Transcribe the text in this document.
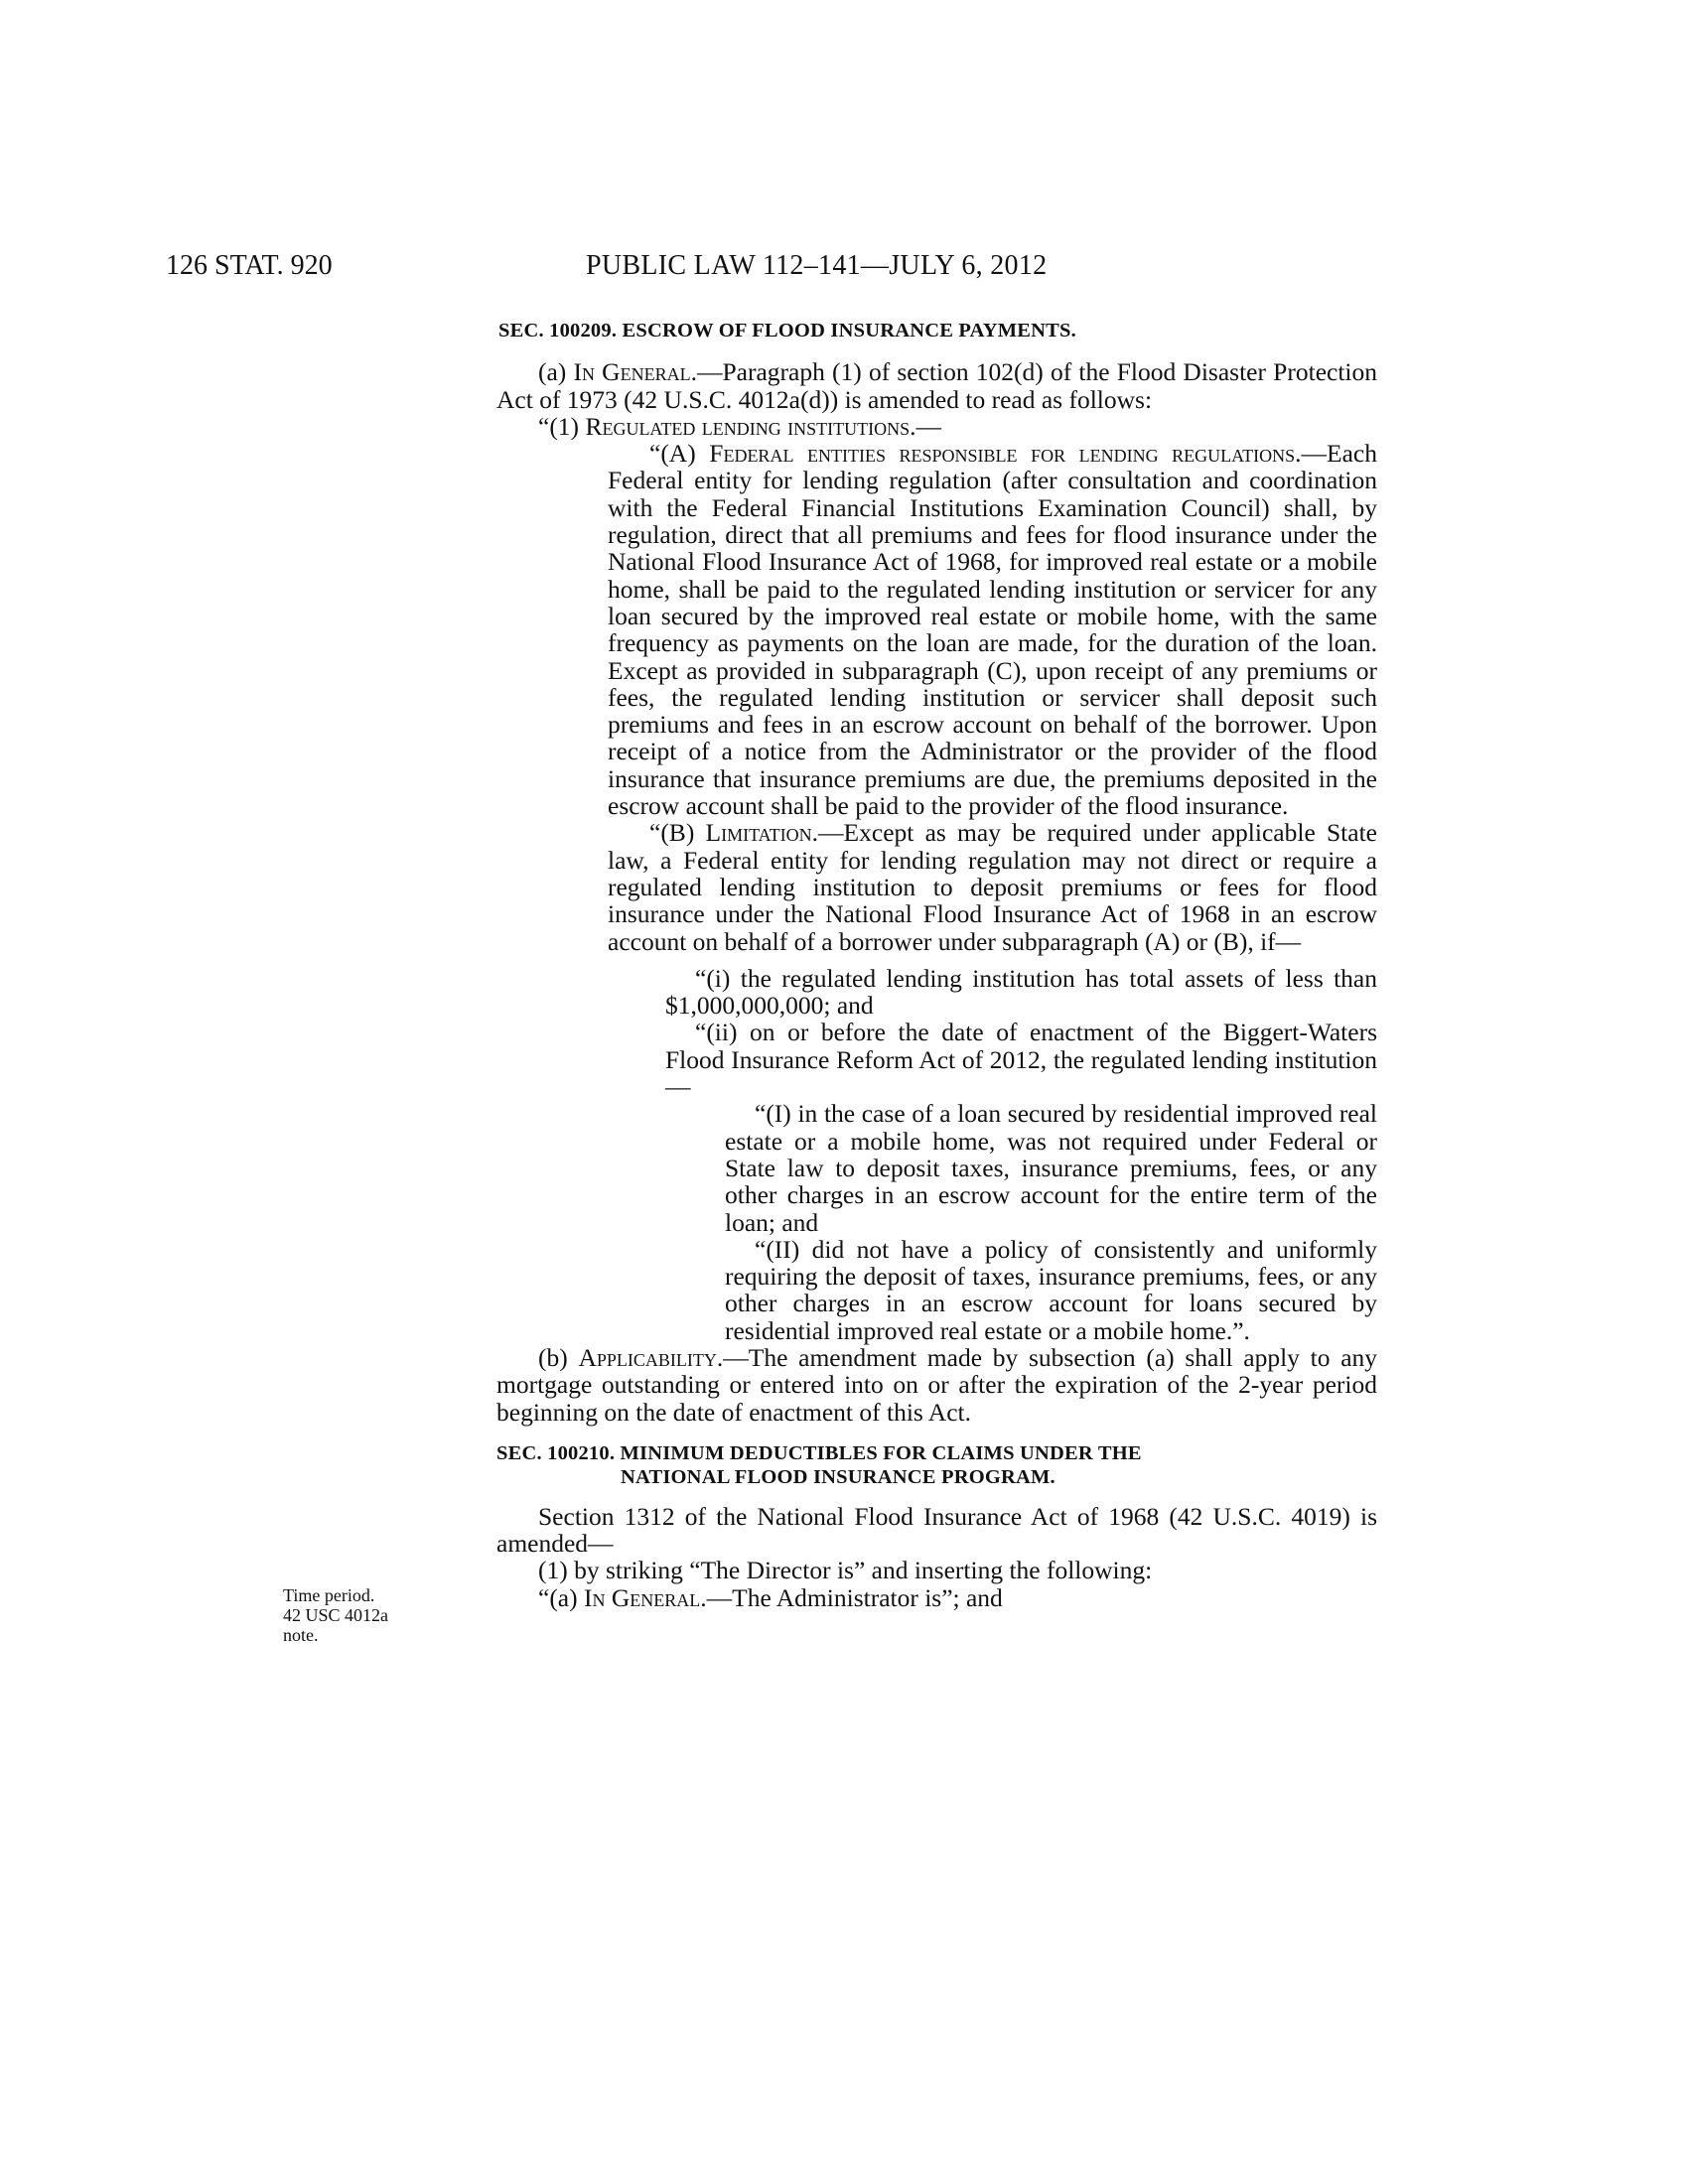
126 STAT. 920	PUBLIC LAW 112–141—JULY 6, 2012
Time period.
42 USC 4012a
note.
SEC. 100209. ESCROW OF FLOOD INSURANCE PAYMENTS.

(a) In General.—Paragraph (1) of section 102(d) of the Flood Disaster Protection Act of 1973 (42 U.S.C. 4012a(d)) is amended to read as follows:

“(1) Regulated lending institutions.—

“(A) Federal entities responsible for lending regulations.—Each Federal entity for lending regulation (after consultation and coordination with the Federal Financial Institutions Examination Council) shall, by regulation, direct that all premiums and fees for flood insurance under the National Flood Insurance Act of 1968, for improved real estate or a mobile home, shall be paid to the regulated lending institution or servicer for any loan secured by the improved real estate or mobile home, with the same frequency as payments on the loan are made, for the duration of the loan. Except as provided in subparagraph (C), upon receipt of any premiums or fees, the regulated lending institution or servicer shall deposit such premiums and fees in an escrow account on behalf of the borrower. Upon receipt of a notice from the Administrator or the provider of the flood insurance that insurance premiums are due, the premiums deposited in the escrow account shall be paid to the provider of the flood insurance.

“(B) Limitation.—Except as may be required under applicable State law, a Federal entity for lending regulation may not direct or require a regulated lending institution to deposit premiums or fees for flood insurance under the National Flood Insurance Act of 1968 in an escrow account on behalf of a borrower under subparagraph (A) or (B), if—

“(i) the regulated lending institution has total assets of less than $1,000,000,000; and

“(ii) on or before the date of enactment of the Biggert-Waters Flood Insurance Reform Act of 2012, the regulated lending institution—

“(I) in the case of a loan secured by residential improved real estate or a mobile home, was not required under Federal or State law to deposit taxes, insurance premiums, fees, or any other charges in an escrow account for the entire term of the loan; and

“(II) did not have a policy of consistently and uniformly requiring the deposit of taxes, insurance premiums, fees, or any other charges in an escrow account for loans secured by residential improved real estate or a mobile home.”.

(b) Applicability.—The amendment made by subsection (a) shall apply to any mortgage outstanding or entered into on or after the expiration of the 2-year period beginning on the date of enactment of this Act.

SEC. 100210. MINIMUM DEDUCTIBLES FOR CLAIMS UNDER THE
NATIONAL FLOOD INSURANCE PROGRAM.

Section 1312 of the National Flood Insurance Act of 1968 (42 U.S.C. 4019) is amended—

(1) by striking “The Director is” and inserting the following:

“(a) In General.—The Administrator is”; and
